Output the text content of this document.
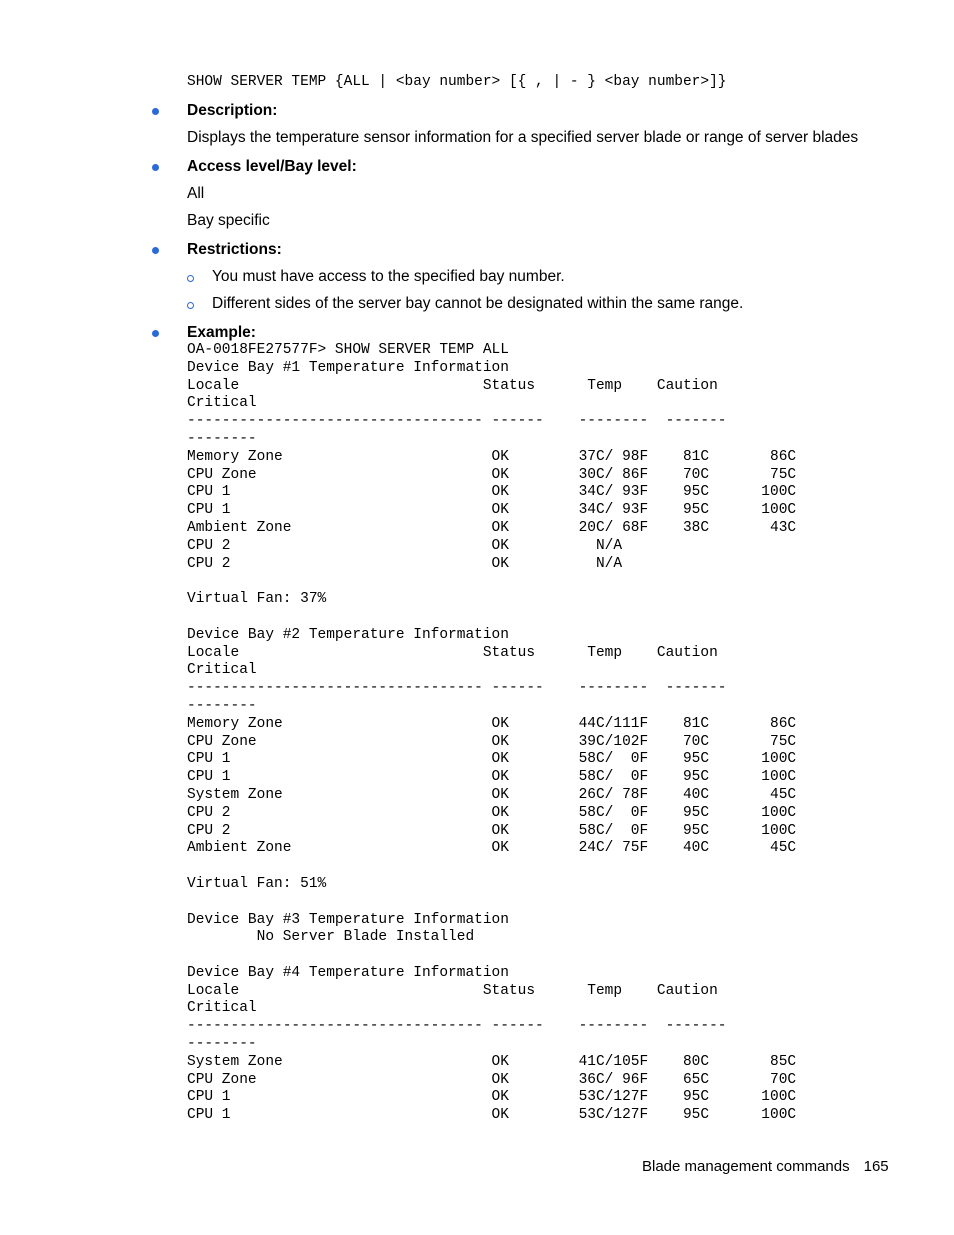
SHOW SERVER TEMP {ALL | <bay number> [{ , | - } <bay number>]}
Description:
Displays the temperature sensor information for a specified server blade or range of server blades
Access level/Bay level:
All
Bay specific
Restrictions:
You must have access to the specified bay number.
Different sides of the server bay cannot be designated within the same range.
Example:
OA-0018FE27577F> SHOW SERVER TEMP ALL
Device Bay #1 Temperature Information
Locale                            Status      Temp    Caution
Critical
---------------------------------- ------    --------  -------
--------
Memory Zone                        OK        37C/ 98F    81C       86C
CPU Zone                           OK        30C/ 86F    70C       75C
CPU 1                              OK        34C/ 93F    95C      100C
CPU 1                              OK        34C/ 93F    95C      100C
Ambient Zone                       OK        20C/ 68F    38C       43C
CPU 2                              OK          N/A
CPU 2                              OK          N/A
Virtual Fan: 37%
Device Bay #2 Temperature Information
Locale                            Status      Temp    Caution
Critical
---------------------------------- ------    --------  -------
--------
Memory Zone                        OK        44C/111F    81C       86C
CPU Zone                           OK        39C/102F    70C       75C
CPU 1                              OK        58C/  0F    95C      100C
CPU 1                              OK        58C/  0F    95C      100C
System Zone                        OK        26C/ 78F    40C       45C
CPU 2                              OK        58C/  0F    95C      100C
CPU 2                              OK        58C/  0F    95C      100C
Ambient Zone                       OK        24C/ 75F    40C       45C
Virtual Fan: 51%
Device Bay #3 Temperature Information
No Server Blade Installed
Device Bay #4 Temperature Information
Locale                            Status      Temp    Caution
Critical
---------------------------------- ------    --------  -------
--------
System Zone                        OK        41C/105F    80C       85C
CPU Zone                           OK        36C/ 96F    65C       70C
CPU 1                              OK        53C/127F    95C      100C
CPU 1                              OK        53C/127F    95C      100C
Blade management commands 165
